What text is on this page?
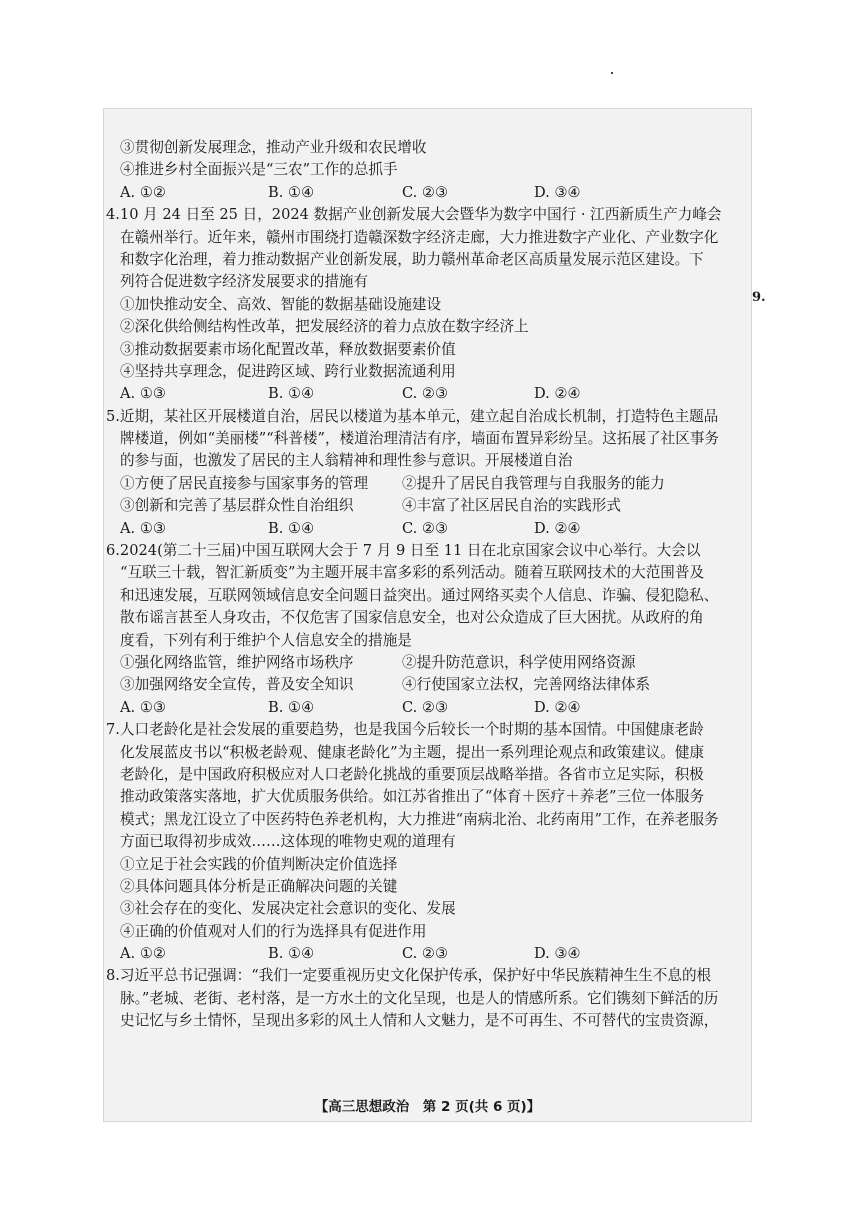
③贯彻创新发展理念，推动产业升级和农民增收
④推进乡村全面振兴是“三农”工作的总抓手
A. ①②	B. ①④	C. ②③	D. ③④
4.10 月 24 日至 25 日，2024 数据产业创新发展大会暨华为数字中国行 · 江西新质生产力峰会
在赣州举行。近年来，赣州市围绕打造赣深数字经济走廊，大力推进数字产业化、产业数字化
和数字化治理，着力推动数据产业创新发展，助力赣州革命老区高质量发展示范区建设。下
列符合促进数字经济发展要求的措施有
①加快推动安全、高效、智能的数据基础设施建设
②深化供给侧结构性改革，把发展经济的着力点放在数字经济上
③推动数据要素市场化配置改革，释放数据要素价值
④坚持共享理念，促进跨区域、跨行业数据流通利用
A. ①③	B. ①④	C. ②③	D. ②④
5.近期，某社区开展楼道自治，居民以楼道为基本单元，建立起自治成长机制，打造特色主题品
牌楼道，例如“美丽楼”“科普楼”，楼道治理清洁有序，墙面布置异彩纷呈。这拓展了社区事务
的参与面，也激发了居民的主人翁精神和理性参与意识。开展楼道自治
①方便了居民直接参与国家事务的管理	②提升了居民自我管理与自我服务的能力
③创新和完善了基层群众性自治组织	④丰富了社区居民自治的实践形式
A. ①③	B. ①④	C. ②③	D. ②④
6.2024(第二十三届)中国互联网大会于 7 月 9 日至 11 日在北京国家会议中心举行。大会以
“互联三十载，智汇新质变”为主题开展丰富多彩的系列活动。随着互联网技术的大范围普及
和迅速发展，互联网领域信息安全问题日益突出。通过网络买卖个人信息、诈骗、侵犯隐私、
散布谣言甚至人身攻击，不仅危害了国家信息安全，也对公众造成了巨大困扰。从政府的角
度看，下列有利于维护个人信息安全的措施是
①强化网络监管，维护网络市场秩序	②提升防范意识，科学使用网络资源
③加强网络安全宣传，普及安全知识	④行使国家立法权，完善网络法律体系
A. ①③	B. ①④	C. ②③	D. ②④
7.人口老龄化是社会发展的重要趋势，也是我国今后较长一个时期的基本国情。中国健康老龄
化发展蓝皮书以“积极老龄观、健康老龄化”为主题，提出一系列理论观点和政策建议。健康
老龄化，是中国政府积极应对人口老龄化挑战的重要顶层战略举措。各省市立足实际，积极
推动政策落实落地，扩大优质服务供给。如江苏省推出了“体育＋医疗＋养老”三位一体服务
模式；黑龙江设立了中医药特色养老机构，大力推进“南病北治、北药南用”工作，在养老服务
方面已取得初步成效……这体现的唯物史观的道理有
①立足于社会实践的价值判断决定价值选择
②具体问题具体分析是正确解决问题的关键
③社会存在的变化、发展决定社会意识的变化、发展
④正确的价值观对人们的行为选择具有促进作用
A. ①②	B. ①④	C. ②③	D. ③④
8.习近平总书记强调：“我们一定要重视历史文化保护传承，保护好中华民族精神生生不息的根
脉。”老城、老街、老村落，是一方水土的文化呈现，也是人的情感所系。它们镌刻下鲜活的历
史记忆与乡土情怀，呈现出多彩的风土人情和人文魅力，是不可再生、不可替代的宝贵资源，
【高三思想政治　第 2 页(共 6 页)】
9.
